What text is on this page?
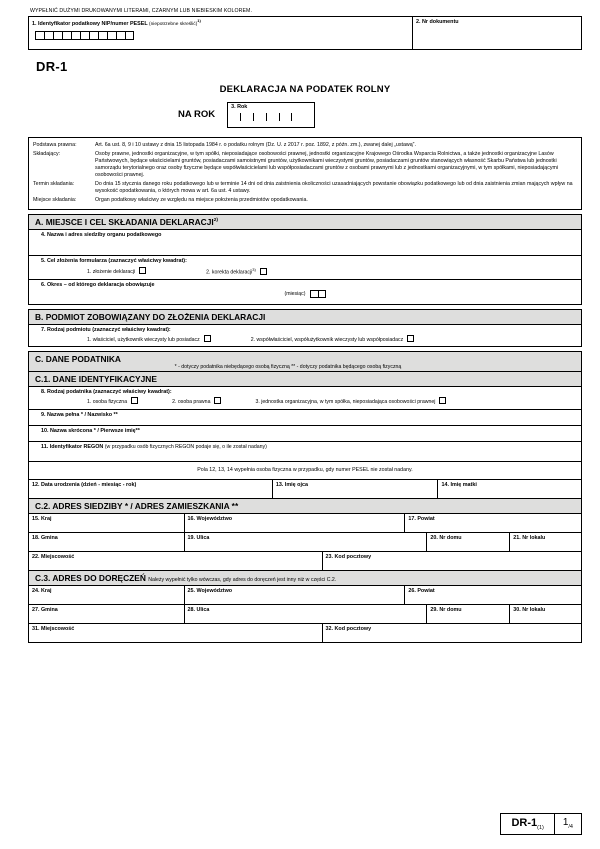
WYPEŁNIĆ DUŻYMI DRUKOWANYMI LITERAMI, CZARNYM LUB NIEBIESKIM KOLOREM.
1. Identyfikator podatkowy NIP/numer PESEL (niepotrzebne skreślić)$^{1)}$	2. Nr dokumentu
DR-1
DEKLARACJA NA PODATEK ROLNY
NA ROK
3. Rok
Podstawa prawna:	Art. 6a ust. 8, 9 i 10 ustawy z dnia 15 listopada 1984 r. o podatku rolnym (Dz. U. z 2017 r. poz. 1892, z późn. zm.), zwanej dalej „ustawą”.
Składający:	Osoby prawne, jednostki organizacyjne, w tym spółki, nieposiadające osobowości prawnej, jednostki organizacyjne Krajowego Ośrodka Wsparcia Rolnictwa, a także jednostki organizacyjne Lasów Państwowych, będące właścicielami gruntów, posiadaczami samoistnymi gruntów, użytkownikami wieczystymi gruntów, posiadaczami gruntów stanowiących własność Skarbu Państwa lub jednostki samorządu terytorialnego oraz osoby fizyczne będące współwłaścicielami lub współposiadaczami gruntów z osobami prawnymi lub z jednostkami organizacyjnymi, w tym spółkami, nieposiadającymi osobowości prawnej.
Termin składania:	Do dnia 15 stycznia danego roku podatkowego lub w terminie 14 dni od dnia zaistnienia okoliczności uzasadniających powstanie obowiązku podatkowego lub od dnia zaistnienia zmian mających wpływ na wysokość opodatkowania, o których mowa w art. 6a ust. 4 ustawy.
Miejsce składania:	Organ podatkowy właściwy ze względu na miejsce położenia przedmiotów opodatkowania.
A. MIEJSCE I CEL SKŁADANIA DEKLARACJI$^{2)}$
4. Nazwa i adres siedziby organu podatkowego
5. Cel złożenia formularza (zaznaczyć właściwy kwadrat):
1. złożenie deklaracji	2. korekta deklaracji$^{3)}$
6. Okres – od którego deklaracja obowiązuje
(miesiąc)
B. PODMIOT ZOBOWIĄZANY DO ZŁOŻENIA DEKLARACJI
7. Rodzaj podmiotu (zaznaczyć właściwy kwadrat):
1. właściciel, użytkownik wieczysty lub posiadacz	2. współwłaściciel, współużytkownik wieczysty lub współposiadacz
C. DANE PODATNIKA
* - dotyczy podatnika niebędącego osobą fizyczną ** - dotyczy podatnika będącego osobą fizyczną
C.1. DANE IDENTYFIKACYJNE
8. Rodzaj podatnika (zaznaczyć właściwy kwadrat):
1. osoba fizyczna	2. osoba prawna	3. jednostka organizacyjna, w tym spółka, nieposiadająca osobowości prawnej
9. Nazwa pełna * / Nazwisko **
10. Nazwa skrócona * / Pierwsze imię**
11. Identyfikator REGON (w przypadku osób fizycznych REGON podaje się, o ile został nadany)
Pola 12, 13, 14 wypełnia osoba fizyczna w przypadku, gdy numer PESEL nie został nadany.
12. Data urodzenia (dzień - miesiąc - rok)	13. Imię ojca	14. Imię matki
C.2. ADRES SIEDZIBY * / ADRES ZAMIESZKANIA **
15. Kraj	16. Województwo	17. Powiat
18. Gmina	19. Ulica	20. Nr domu	21. Nr lokalu
22. Miejscowość	23. Kod pocztowy
C.3. ADRES DO DORĘCZEŃ Należy wypełnić tylko wówczas, gdy adres do doręczeń jest inny niż w części C.2.
24. Kraj	25. Województwo	26. Powiat
27. Gmina	28. Ulica	29. Nr domu	30. Nr lokalu
31. Miejscowość	32. Kod pocztowy
$DR-1_{(1)}$
$1_{/4}$
